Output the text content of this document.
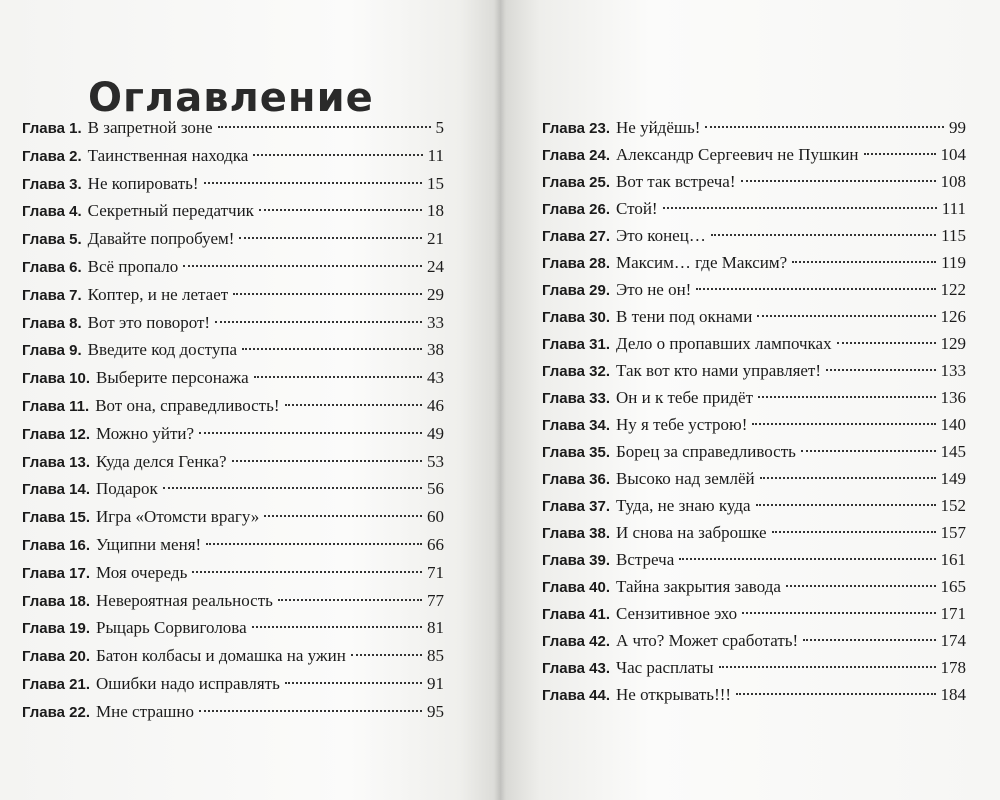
Оглавление
Глава 1. В запретной зоне	5
Глава 2. Таинственная находка	11
Глава 3. Не копировать!	15
Глава 4. Секретный передатчик	18
Глава 5. Давайте попробуем!	21
Глава 6. Всё пропало	24
Глава 7. Коптер, и не летает	29
Глава 8. Вот это поворот!	33
Глава 9. Введите код доступа	38
Глава 10. Выберите персонажа	43
Глава 11. Вот она, справедливость!	46
Глава 12. Можно уйти?	49
Глава 13. Куда делся Генка?	53
Глава 14. Подарок	56
Глава 15. Игра «Отомсти врагу»	60
Глава 16. Ущипни меня!	66
Глава 17. Моя очередь	71
Глава 18. Невероятная реальность	77
Глава 19. Рыцарь Сорвиголова	81
Глава 20. Батон колбасы и домашка на ужин	85
Глава 21. Ошибки надо исправлять	91
Глава 22. Мне страшно	95
Глава 23. Не уйдёшь!	99
Глава 24. Александр Сергеевич не Пушкин	104
Глава 25. Вот так встреча!	108
Глава 26. Стой!	111
Глава 27. Это конец…	115
Глава 28. Максим… где Максим?	119
Глава 29. Это не он!	122
Глава 30. В тени под окнами	126
Глава 31. Дело о пропавших лампочках	129
Глава 32. Так вот кто нами управляет!	133
Глава 33. Он и к тебе придёт	136
Глава 34. Ну я тебе устрою!	140
Глава 35. Борец за справедливость	145
Глава 36. Высоко над землёй	149
Глава 37. Туда, не знаю куда	152
Глава 38. И снова на заброшке	157
Глава 39. Встреча	161
Глава 40. Тайна закрытия завода	165
Глава 41. Сензитивное эхо	171
Глава 42. А что? Может сработать!	174
Глава 43. Час расплаты	178
Глава 44. Не открывать!!!	184
